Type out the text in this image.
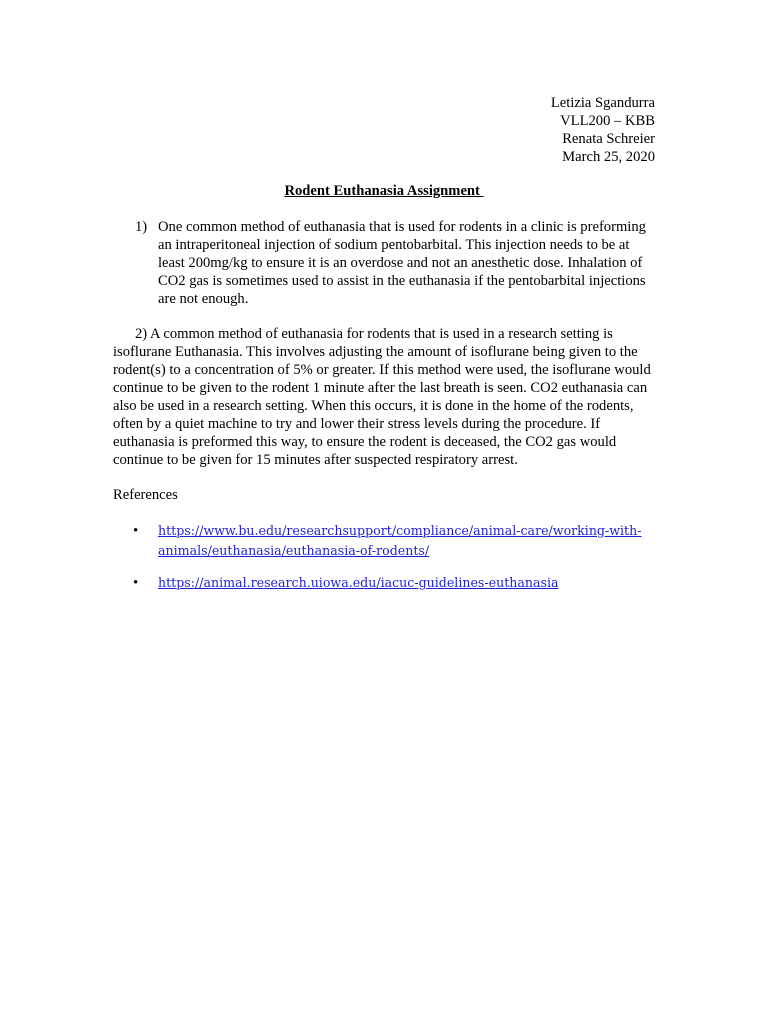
Letizia Sgandurra
VLL200 – KBB
Renata Schreier
March 25, 2020
Rodent Euthanasia Assignment
1) One common method of euthanasia that is used for rodents in a clinic is preforming an intraperitoneal injection of sodium pentobarbital. This injection needs to be at least 200mg/kg to ensure it is an overdose and not an anesthetic dose. Inhalation of CO2 gas is sometimes used to assist in the euthanasia if the pentobarbital injections are not enough.
2) A common method of euthanasia for rodents that is used in a research setting is isoflurane Euthanasia. This involves adjusting the amount of isoflurane being given to the rodent(s) to a concentration of 5% or greater. If this method were used, the isoflurane would continue to be given to the rodent 1 minute after the last breath is seen. CO2 euthanasia can also be used in a research setting. When this occurs, it is done in the home of the rodents, often by a quiet machine to try and lower their stress levels during the procedure. If euthanasia is preformed this way, to ensure the rodent is deceased, the CO2 gas would continue to be given for 15 minutes after suspected respiratory arrest.
References
• https://www.bu.edu/researchsupport/compliance/animal-care/working-with-animals/euthanasia/euthanasia-of-rodents/
• https://animal.research.uiowa.edu/iacuc-guidelines-euthanasia
